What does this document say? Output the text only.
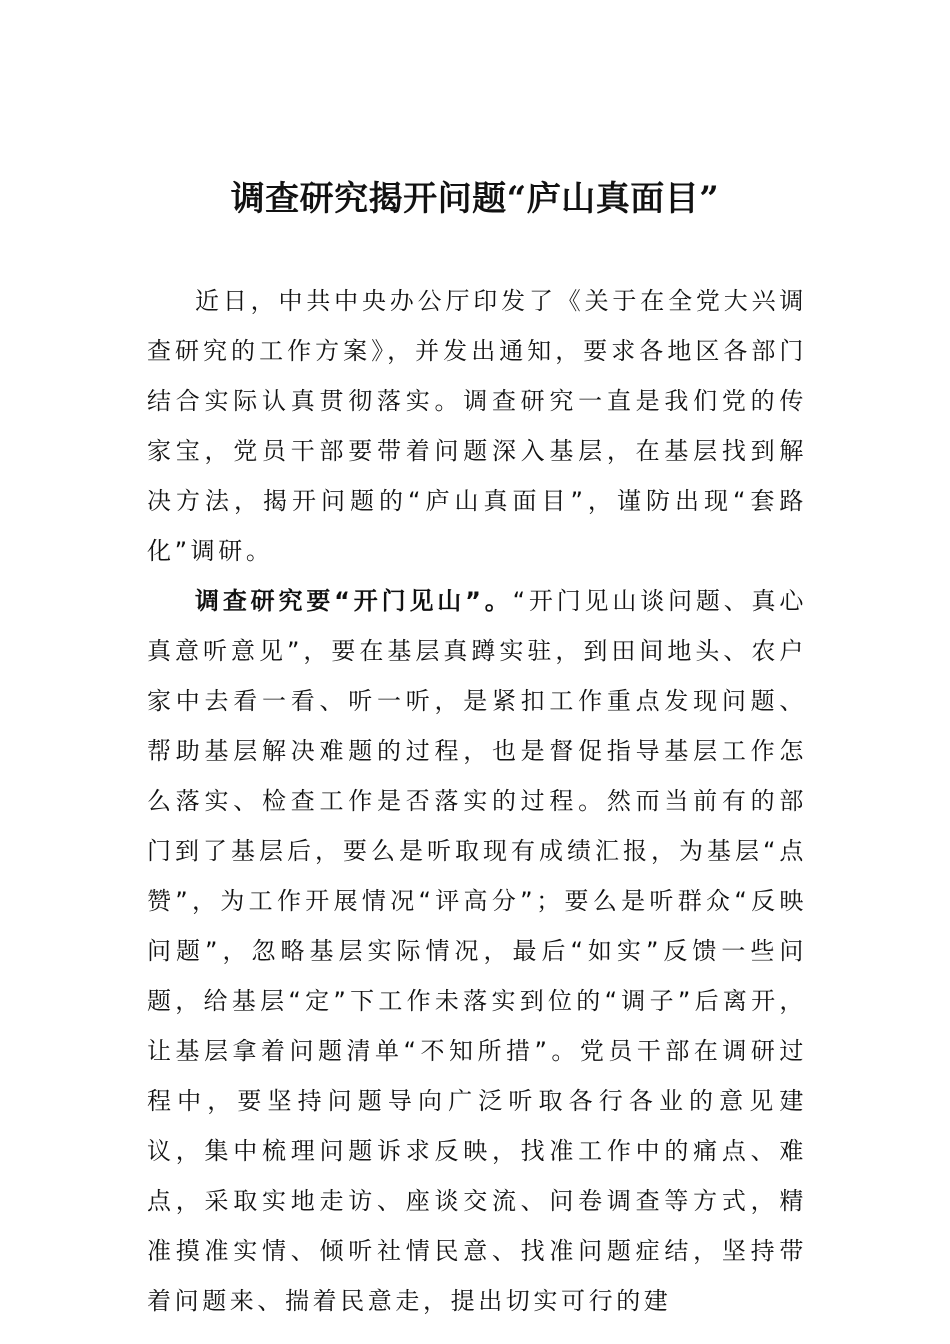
调查研究揭开问题“庐山真面目”

近日，中共中央办公厅印发了《关于在全党大兴调查研究的工作方案》，并发出通知，要求各地区各部门结合实际认真贯彻落实。调查研究一直是我们党的传家宝，党员干部要带着问题深入基层，在基层找到解决方法，揭开问题的“庐山真面目”，谨防出现“套路化”调研。

调查研究要“开门见山”。“开门见山谈问题、真心真意听意见”，要在基层真蹲实驻，到田间地头、农户家中去看一看、听一听，是紧扣工作重点发现问题、帮助基层解决难题的过程，也是督促指导基层工作怎么落实、检查工作是否落实的过程。然而当前有的部门到了基层后，要么是听取现有成绩汇报，为基层“点赞”，为工作开展情况“评高分”；要么是听群众“反映问题”，忽略基层实际情况，最后“如实”反馈一些问题，给基层“定”下工作未落实到位的“调子”后离开，让基层拿着问题清单“不知所措”。党员干部在调研过程中，要坚持问题导向广泛听取各行各业的意见建议，集中梳理问题诉求反映，找准工作中的痛点、难点，采取实地走访、座谈交流、问卷调查等方式，精准摸准实情、倾听社情民意、找准问题症结，坚持带着问题来、揣着民意走，提出切实可行的建
